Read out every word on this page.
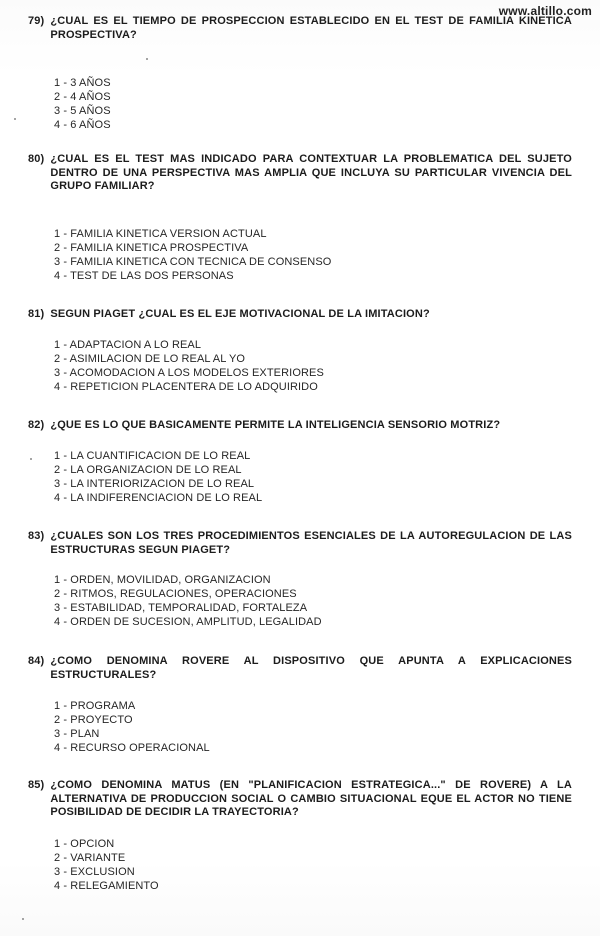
www.altillo.com

79) ¿CUAL ES EL TIEMPO DE PROSPECCION ESTABLECIDO EN EL TEST DE FAMILIA KINETICA PROSPECTIVA?

1 - 3 AÑOS
2 - 4 AÑOS
3 - 5 AÑOS
4 - 6 AÑOS

80) ¿CUAL ES EL TEST MAS INDICADO PARA CONTEXTUAR LA PROBLEMATICA DEL SUJETO DENTRO DE UNA PERSPECTIVA MAS AMPLIA QUE INCLUYA SU PARTICULAR VIVENCIA DEL GRUPO FAMILIAR?

1 - FAMILIA KINETICA VERSION ACTUAL
2 - FAMILIA KINETICA PROSPECTIVA
3 - FAMILIA KINETICA CON TECNICA DE CONSENSO
4 - TEST DE LAS DOS PERSONAS

81) SEGUN PIAGET ¿CUAL ES EL EJE MOTIVACIONAL DE LA IMITACION?

1 - ADAPTACION A LO REAL
2 - ASIMILACION DE LO REAL AL YO
3 - ACOMODACION A LOS MODELOS EXTERIORES
4 - REPETICION PLACENTERA DE LO ADQUIRIDO

82) ¿QUE ES LO QUE BASICAMENTE PERMITE LA INTELIGENCIA SENSORIO MOTRIZ?

1 - LA CUANTIFICACION DE LO REAL
2 - LA ORGANIZACION DE LO REAL
3 - LA INTERIORIZACION DE LO REAL
4 - LA INDIFERENCIACION DE LO REAL

83) ¿CUALES SON LOS TRES PROCEDIMIENTOS ESENCIALES DE LA AUTOREGULACION DE LAS ESTRUCTURAS SEGUN PIAGET?

1 - ORDEN, MOVILIDAD, ORGANIZACION
2 - RITMOS, REGULACIONES, OPERACIONES
3 - ESTABILIDAD, TEMPORALIDAD, FORTALEZA
4 - ORDEN DE SUCESION, AMPLITUD, LEGALIDAD

84) ¿COMO DENOMINA ROVERE AL DISPOSITIVO QUE APUNTA A EXPLICACIONES ESTRUCTURALES?

1 - PROGRAMA
2 - PROYECTO
3 - PLAN
4 - RECURSO OPERACIONAL

85) ¿COMO DENOMINA MATUS (EN "PLANIFICACION ESTRATEGICA..." DE ROVERE) A LA ALTERNATIVA DE PRODUCCION SOCIAL O CAMBIO SITUACIONAL EQUE EL ACTOR NO TIENE POSIBILIDAD DE DECIDIR LA TRAYECTORIA?

1 - OPCION
2 - VARIANTE
3 - EXCLUSION
4 - RELEGAMIENTO
